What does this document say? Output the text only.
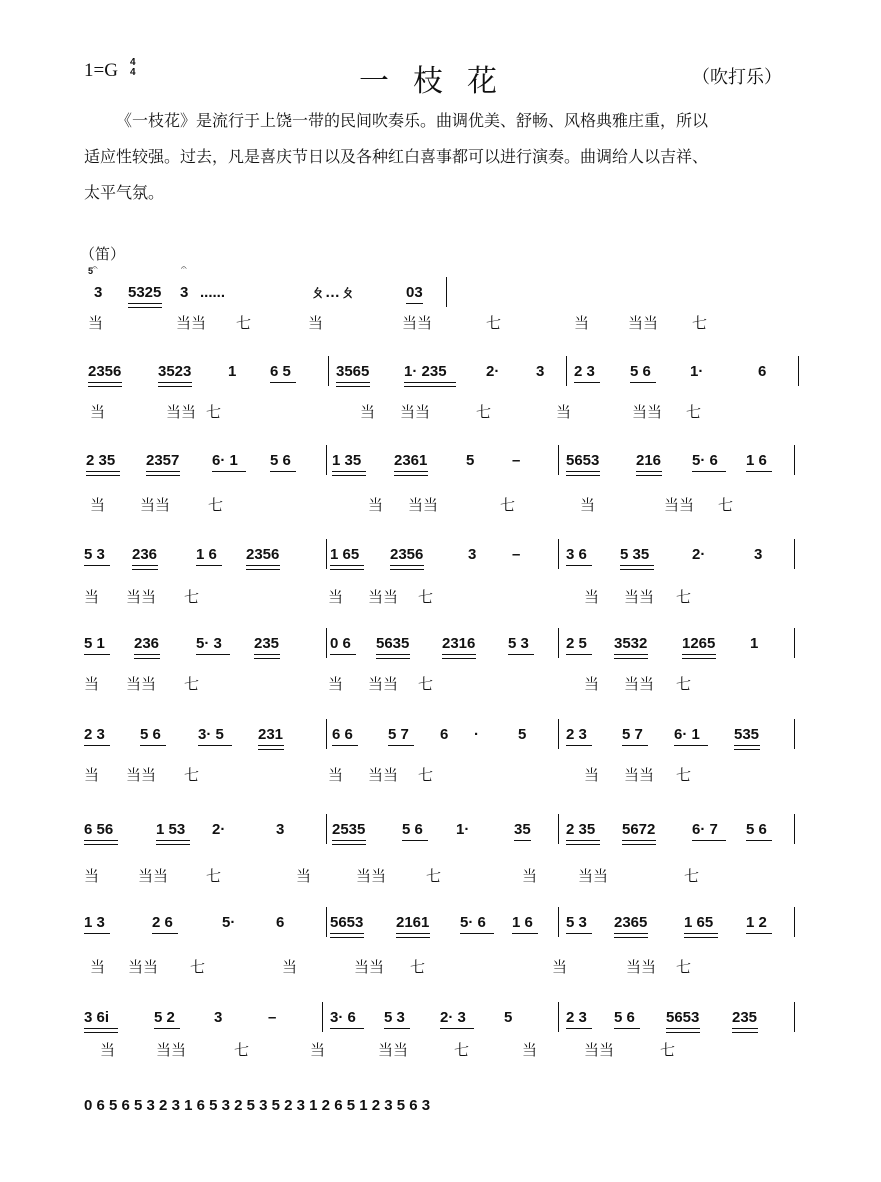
1=G 4
4	一枝花	（吹打乐）

《一枝花》是流行于上饶一带的民间吹奏乐。曲调优美、舒畅、风格典雅庄重，所以

适应性较强。过去，凡是喜庆节日以及各种红白喜事都可以进行演奏。曲调给人以吉祥、

太平气氛。

（笛）
5
𝄐	𝄐
3 5325 3 ......	ㄆ…ㄆ	03
当	当当 七	当	当当	七	当	当当 七
2356 3523 1 6 5	3565 1· 235	2· 3 2 3 5 6	1·	6
当	当当 七	当 当当	七	当	当当 七
2 35 2357 6· 1 5 6	1 35 2361	5	–	5653 216 5· 6 1 6
当 当当	七	当 当当	七	当	当当 七
5 3 236	1 6 2356	1 65 2356	3 –	3 6 5 35	2·	3
当 当当 七	当 当当 七	当 当当 七
5 1 236 5· 3 235	0 6 5635 2316 5 3 2 5 3532 1265 1
当 当当 七	当 当当 七	当 当当 七
2 3 5 6 3· 5 231	6 6 5 7 6 ·	5	2 3 5 7 6· 1 535
当 当当 七	当 当当 七	当 当当 七
6 56	1 53 2·	3	2535 5 6 1·	35 2 35 5672 6· 7 5 6
当	当当	七	当	当当	七	当	当当	七
1 3	2 6	5·	6	5653 2161 5· 6 1 6 5 3 2365 1 65 1 2
当 当当 七	当	当当 七	当	当当 七
3 6i	5 2	3	–	3· 6 5 3 2· 3	5	2 3 5 6 5653 235
当	当当	七	当	当当	七	当	当当	七
0 6 5 6 5 3 2 3 1 6 5 3 2 5 3 5 2 3 1 2 6 5 1 2 3 5 6 3
